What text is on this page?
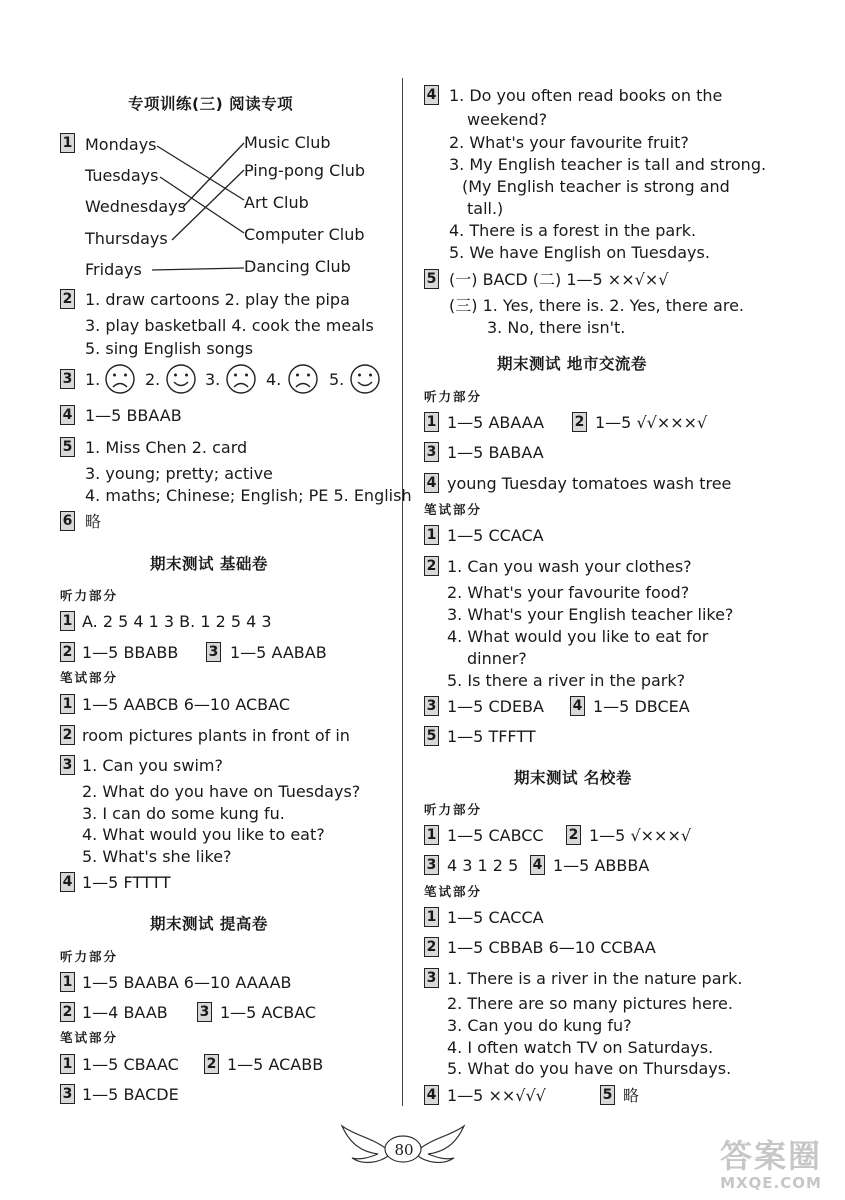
专项训练(三) 阅读专项
1 Mondays
Tuesdays
Wednesdays
Thursdays
Fridays
Music Club
Ping-pong Club
Art Club
Computer Club
Dancing Club
2 1. draw cartoons 2. play the pipa
3. play basketball 4. cook the meals
5. sing English songs
3 1.	2.	3.	4.	5.
4 1—5 BBAAB
5 1. Miss Chen 2. card
3. young; pretty; active
4. maths; Chinese; English; PE 5. English
6 略
期末测试 基础卷
听力部分
1 A. 2 5 4 1 3 B. 1 2 5 4 3
2 1—5 BBABB 3 1—5 AABAB
笔试部分
1 1—5 AABCB 6—10 ACBAC
2 room pictures plants in front of in
3 1. Can you swim?
2. What do you have on Tuesdays?
3. I can do some kung fu.
4. What would you like to eat?
5. What's she like?
4 1—5 FTTTT
期末测试 提高卷
听力部分
1 1—5 BAABA 6—10 AAAAB
2 1—4 BAAB 3 1—5 ACBAC
笔试部分
1 1—5 CBAAC 2 1—5 ACABB
3 1—5 BACDE
4 1. Do you often read books on the
weekend?
2. What's your favourite fruit?
3. My English teacher is tall and strong.
(My English teacher is strong and
tall.)
4. There is a forest in the park.
5. We have English on Tuesdays.
5 (一) BACD (二) 1—5 ××√×√
(三) 1. Yes, there is. 2. Yes, there are.
3. No, there isn't.
期末测试 地市交流卷
听力部分
1 1—5 ABAAA 2 1—5 √√×××√
3 1—5 BABAA
4 young Tuesday tomatoes wash tree
笔试部分
1 1—5 CCACA
2 1. Can you wash your clothes?
2. What's your favourite food?
3. What's your English teacher like?
4. What would you like to eat for
dinner?
5. Is there a river in the park?
3 1—5 CDEBA 4 1—5 DBCEA
5 1—5 TFFTT
期末测试 名校卷
听力部分
1 1—5 CABCC 2 1—5 √×××√
3 4 3 1 2 5 4 1—5 ABBBA
笔试部分
1 1—5 CACCA
2 1—5 CBBAB 6—10 CCBAA
3 1. There is a river in the nature park.
2. There are so many pictures here.
3. Can you do kung fu?
4. I often watch TV on Saturdays.
5. What do you have on Thursdays.
4 1—5 ××√√√	5 略
80	答案圈
MXQE.COM
